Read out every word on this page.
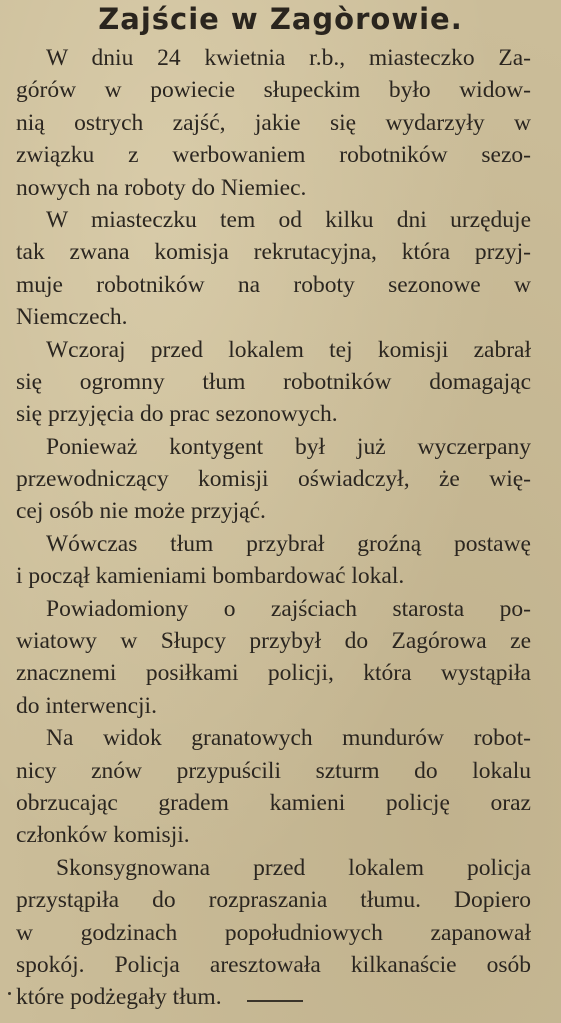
Zajście w Zagòrowie.
W dniu 24 kwietnia r.b., miasteczko Za-
górów w powiecie słupeckim było widow-
nią ostrych zajść, jakie się wydarzyły w
związku z werbowaniem robotników sezo-
nowych na roboty do Niemiec.
W miasteczku tem od kilku dni urzęduje
tak zwana komisja rekrutacyjna, która przyj-
muje robotników na roboty sezonowe w
Niemczech.
Wczoraj przed lokalem tej komisji zabrał
się ogromny tłum robotników domagając
się przyjęcia do prac sezonowych.
Ponieważ kontygent był już wyczerpany
przewodniczący komisji oświadczył, że wię-
cej osób nie może przyjąć.
Wówczas tłum przybrał groźną postawę
i począł kamieniami bombardować lokal.
Powiadomiony o zajściach starosta po-
wiatowy w Słupcy przybył do Zagórowa ze
znacznemi posiłkami policji, która wystąpiła
do interwencji.
Na widok granatowych mundurów robot-
nicy znów przypuścili szturm do lokalu
obrzucając gradem kamieni policję oraz
członków komisji.
Skonsygnowana przed lokalem policja
przystąpiła do rozpraszania tłumu. Dopiero
w godzinach popołudniowych zapanował
spokój. Policja aresztowała kilkanaście osób
które podżegały tłum.
